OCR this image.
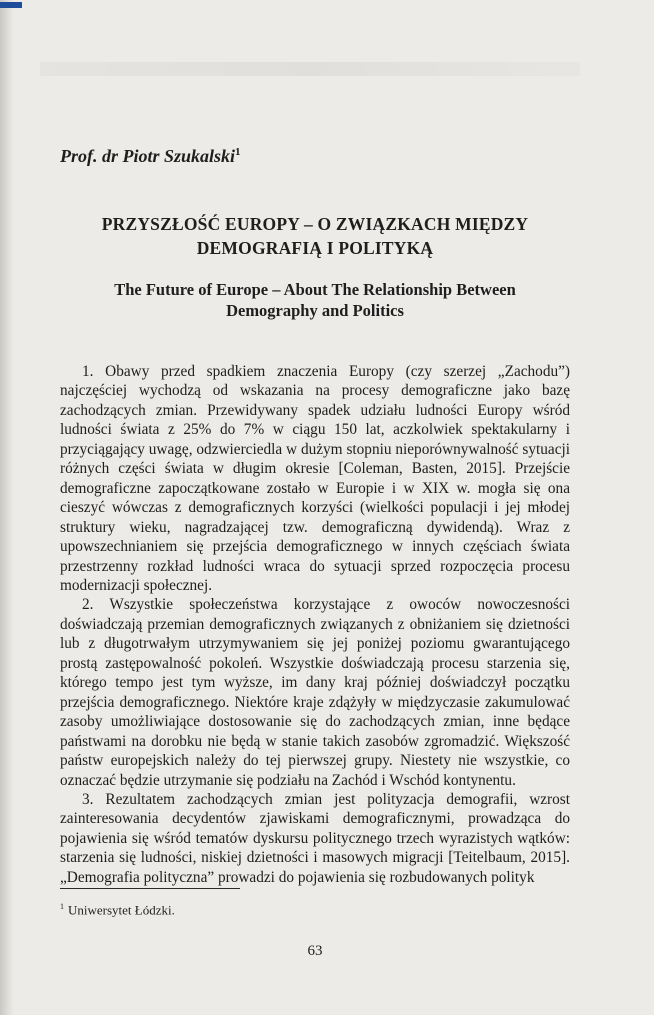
Prof. dr Piotr Szukalski$^1$

PRZYSZŁOŚĆ EUROPY – O ZWIĄZKACH MIĘDZY
DEMOGRAFIĄ I POLITYKĄ
The Future of Europe – About The Relationship Between
Demography and Politics

1. Obawy przed spadkiem znaczenia Europy (czy szerzej „Zachodu”) najczęściej wychodzą od wskazania na procesy demograficzne jako bazę zachodzących zmian. Przewidywany spadek udziału ludności Europy wśród ludności świata z 25% do 7% w ciągu 150 lat, aczkolwiek spektakularny i przyciągający uwagę, odzwierciedla w dużym stopniu nieporównywalność sytuacji różnych części świata w długim okresie [Coleman, Basten, 2015]. Przejście demograficzne zapoczątkowane zostało w Europie i w XIX w. mogła się ona cieszyć wówczas z demograficznych korzyści (wielkości populacji i jej młodej struktury wieku, nagradzającej tzw. demograficzną dywidendą). Wraz z upowszechnianiem się przejścia demograficznego w innych częściach świata przestrzenny rozkład ludności wraca do sytuacji sprzed rozpoczęcia procesu modernizacji społecznej.

2. Wszystkie społeczeństwa korzystające z owoców nowoczesności doświadczają przemian demograficznych związanych z obniżaniem się dzietności lub z długotrwałym utrzymywaniem się jej poniżej poziomu gwarantującego prostą zastępowalność pokoleń. Wszystkie doświadczają procesu starzenia się, którego tempo jest tym wyższe, im dany kraj później doświadczył początku przejścia demograficznego. Niektóre kraje zdążyły w międzyczasie zakumulować zasoby umożliwiające dostosowanie się do zachodzących zmian, inne będące państwami na dorobku nie będą w stanie takich zasobów zgromadzić. Większość państw europejskich należy do tej pierwszej grupy. Niestety nie wszystkie, co oznaczać będzie utrzymanie się podziału na Zachód i Wschód kontynentu.

3. Rezultatem zachodzących zmian jest polityzacja demografii, wzrost zainteresowania decydentów zjawiskami demograficznymi, prowadząca do pojawienia się wśród tematów dyskursu politycznego trzech wyrazistych wątków: starzenia się ludności, niskiej dzietności i masowych migracji [Teitelbaum, 2015]. „Demografia polityczna” prowadzi do pojawienia się rozbudowanych polityk

$^1$ Uniwersytet Łódzki.

63
